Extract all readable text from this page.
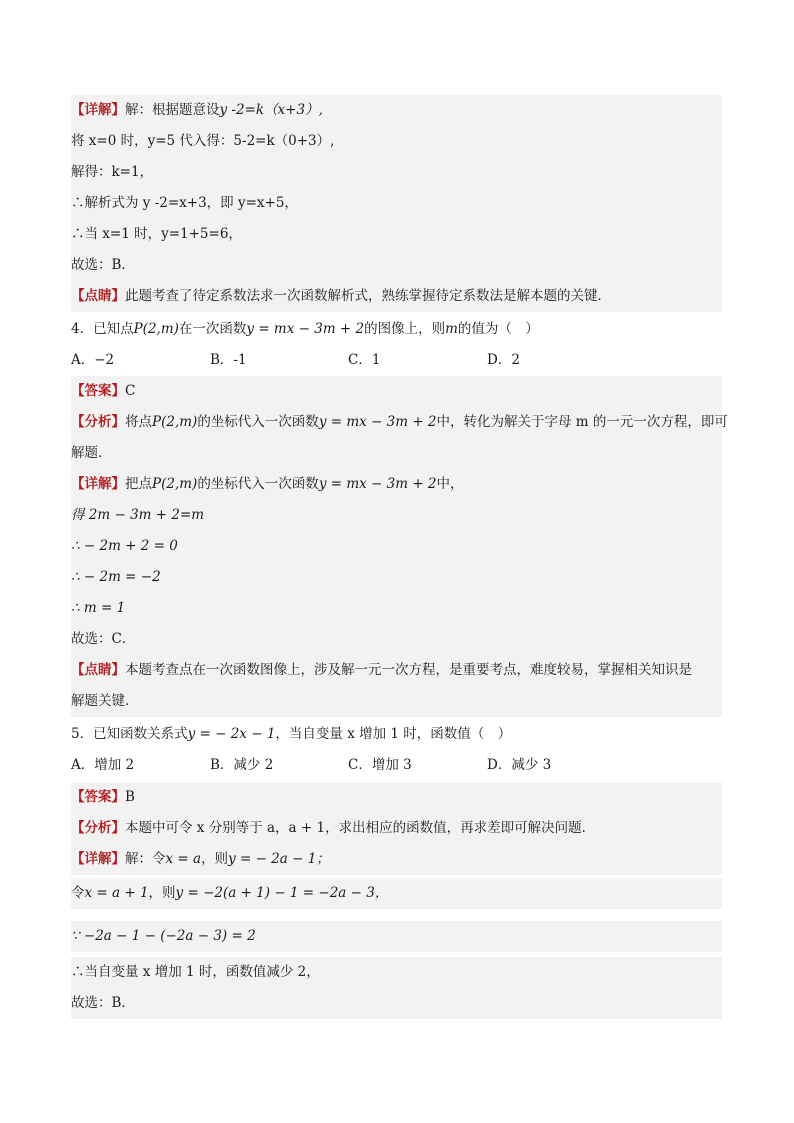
【详解】解：根据题意设y -2=k（x+3）,
将 x=0 时，y=5 代入得：5-2=k（0+3）,
解得：k=1，
∴解析式为 y -2=x+3，即 y=x+5，
∴当 x=1 时，y=1+5=6，
故选：B．
【点睛】此题考查了待定系数法求一次函数解析式，熟练掌握待定系数法是解本题的关键．
4．已知点P(2,m)在一次函数y = mx − 3m + 2的图像上，则m的值为（　）
A．−2	B．-1	C．1	D．2
【答案】C
【分析】将点P(2,m)的坐标代入一次函数y = mx − 3m + 2中，转化为解关于字母 m 的一元一次方程，即可
解题．
【详解】把点P(2,m)的坐标代入一次函数y = mx − 3m + 2中，
得 2m − 3m + 2=m
∴ − 2m + 2 = 0
∴ − 2m = −2
∴ m = 1
故选：C．
【点睛】本题考查点在一次函数图像上，涉及解一元一次方程，是重要考点，难度较易，掌握相关知识是
解题关键．
5．已知函数关系式y = − 2x − 1，当自变量 x 增加 1 时，函数值（　）
A．增加 2	B．减少 2	C．增加 3	D．减少 3
【答案】B
【分析】本题中可令 x 分别等于 a，a + 1，求出相应的函数值，再求差即可解决问题．
【详解】解：令x = a，则y = − 2a − 1；
令x = a + 1，则y = −2(a + 1) − 1 = −2a − 3，
∵ −2a − 1 − (−2a − 3) = 2
∴当自变量 x 增加 1 时，函数值减少 2，
故选：B．
